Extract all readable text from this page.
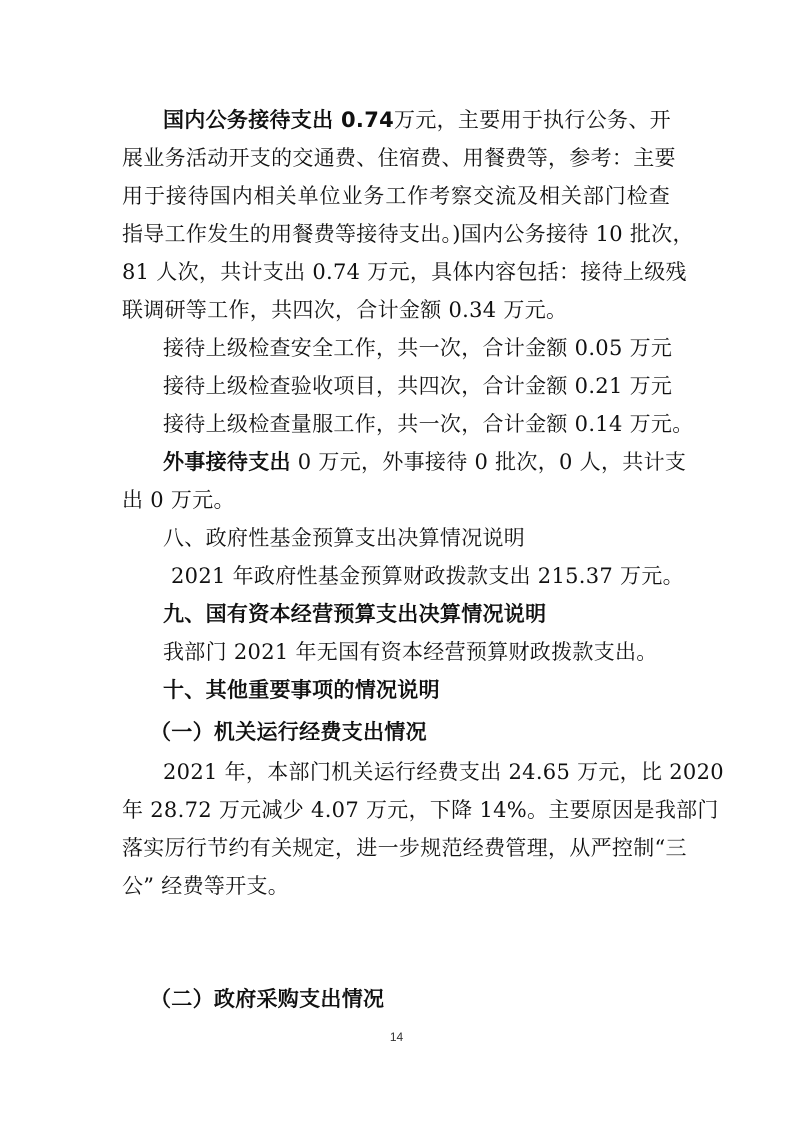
国内公务接待支出 0.74万元，主要用于执行公务、开
展业务活动开支的交通费、住宿费、用餐费等，参考：主要
用于接待国内相关单位业务工作考察交流及相关部门检查
指导工作发生的用餐费等接待支出。)国内公务接待 10 批次，
81 人次，共计支出 0.74 万元，具体内容包括：接待上级残
联调研等工作，共四次，合计金额 0.34 万元。
接待上级检查安全工作，共一次，合计金额 0.05 万元
接待上级检查验收项目，共四次，合计金额 0.21 万元
接待上级检查量服工作，共一次，合计金额 0.14 万元。
外事接待支出 0 万元，外事接待 0 批次，0 人，共计支
出 0 万元。
八、政府性基金预算支出决算情况说明
2021 年政府性基金预算财政拨款支出 215.37 万元。
九、国有资本经营预算支出决算情况说明
我部门 2021 年无国有资本经营预算财政拨款支出。
十、其他重要事项的情况说明
（一）机关运行经费支出情况
2021 年，本部门机关运行经费支出 24.65 万元，比 2020
年 28.72 万元减少 4.07 万元，下降 14%。主要原因是我部门
落实厉行节约有关规定，进一步规范经费管理，从严控制“三
公” 经费等开支。
（二）政府采购支出情况
14
